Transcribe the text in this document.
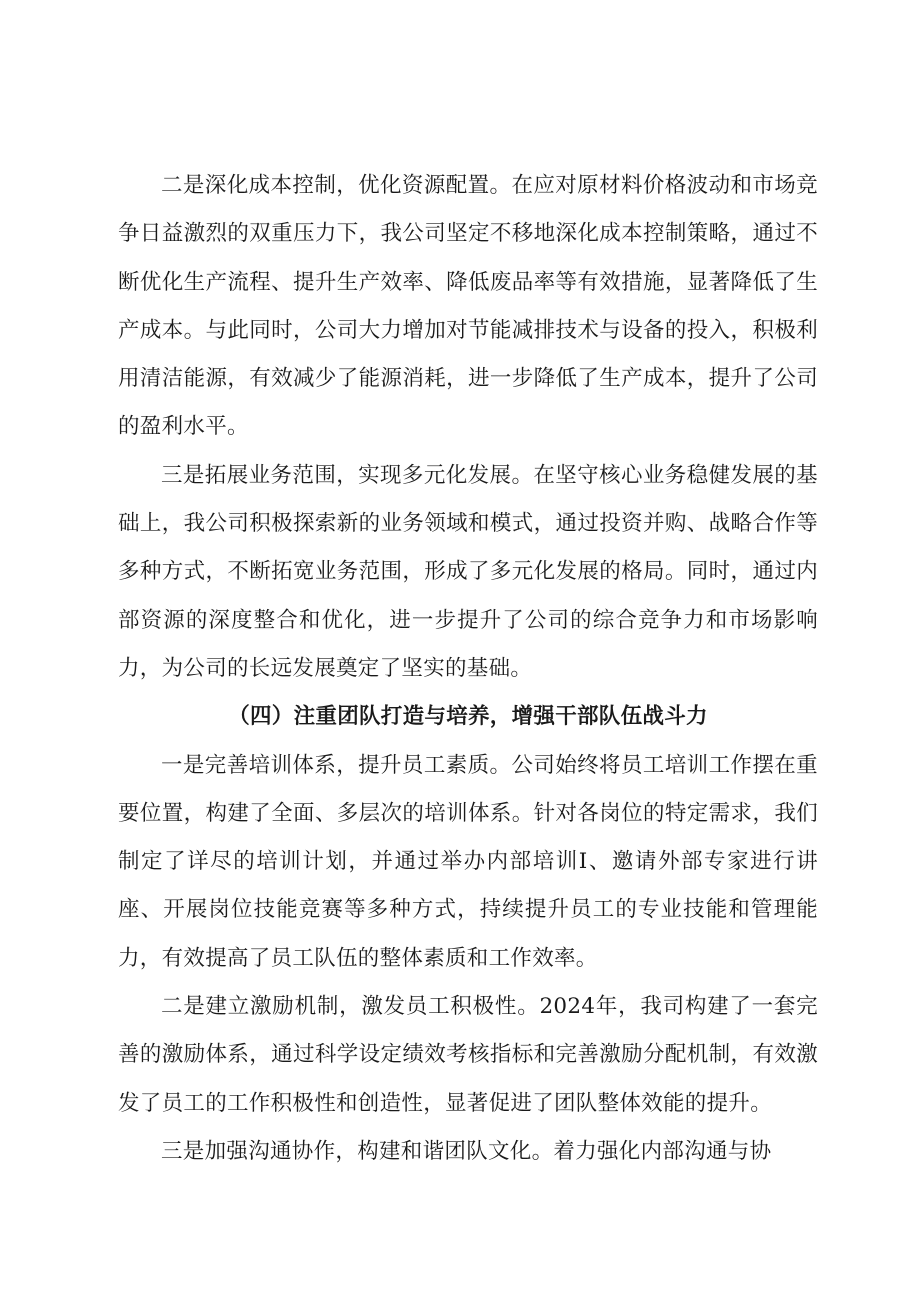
二是深化成本控制，优化资源配置。在应对原材料价格波动和市场竞争日益激烈的双重压力下，我公司坚定不移地深化成本控制策略，通过不断优化生产流程、提升生产效率、降低废品率等有效措施，显著降低了生产成本。与此同时，公司大力增加对节能减排技术与设备的投入，积极利用清洁能源，有效减少了能源消耗，进一步降低了生产成本，提升了公司的盈利水平。

三是拓展业务范围，实现多元化发展。在坚守核心业务稳健发展的基础上，我公司积极探索新的业务领域和模式，通过投资并购、战略合作等多种方式，不断拓宽业务范围，形成了多元化发展的格局。同时，通过内部资源的深度整合和优化，进一步提升了公司的综合竞争力和市场影响力，为公司的长远发展奠定了坚实的基础。

（四）注重团队打造与培养，增强干部队伍战斗力

一是完善培训体系，提升员工素质。公司始终将员工培训工作摆在重要位置，构建了全面、多层次的培训体系。针对各岗位的特定需求，我们制定了详尽的培训计划，并通过举办内部培训I、邀请外部专家进行讲座、开展岗位技能竞赛等多种方式，持续提升员工的专业技能和管理能力，有效提高了员工队伍的整体素质和工作效率。

二是建立激励机制，激发员工积极性。2024年，我司构建了一套完善的激励体系，通过科学设定绩效考核指标和完善激励分配机制，有效激发了员工的工作积极性和创造性，显著促进了团队整体效能的提升。

三是加强沟通协作，构建和谐团队文化。着力强化内部沟通与协
